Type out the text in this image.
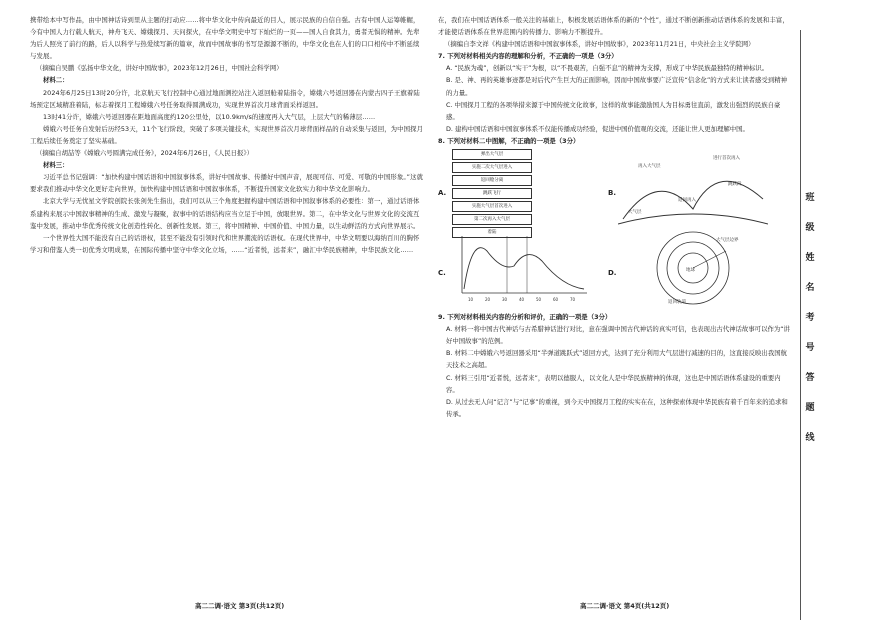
携带绘本中写作品，由中国神话诗到里从主题的打动应……将中华文化中传向最近的目人，展示民族的自信自强。古有中国人运筹帷幄，今有中国人力行载人航天，神舟飞天、嫦娥探月、天问探火，在中华文明史中写下灿烂的一页——国人自食其力，勇者无惧的精神。先辈为后人照亮了前行的路，后人以科学与热爱续写新的篇章，故而中国故事的书写是源源不断的，中华文化也在人们的口口相传中不断延续与发展。

（摘编自吴鹏《弘扬中华文化，讲好中国故事》，2023年12月26日，中国社会科学网）

材料二：

2024年6月25日13时20分许，北京航天飞行控制中心通过地面测控站注入返回舱着陆指令，嫦娥六号返回器在内蒙古四子王旗着陆场预定区域精准着陆，标志着探月工程嫦娥六号任务取得圆满成功，实现世界首次月球背面采样返回。

13时41分许，嫦娥六号返回器在距地面高度约120公里处，以10.9km/s的速度再入大气层，上层大气的稀薄层……

嫦娥六号任务自发射后历经53天，11个飞行阶段，突破了多项关键技术，实现世界首次月球背面样品的自动采集与返回，为中国探月工程后续任务奠定了坚实基础。

（摘编自胡喆等《嫦娥六号圆满完成任务》，2024年6月26日，《人民日报》）

材料三：

习近平总书记强调：“加快构建中国话语和中国叙事体系，讲好中国故事、传播好中国声音，展现可信、可爱、可敬的中国形象。”这就要求我们推动中华文化更好走向世界，加快构建中国话语和中国叙事体系，不断提升国家文化软实力和中华文化影响力。

北京大学与无忧星文学院创院长张剑先生指出，我们可以从三个角度把握构建中国话语和中国叙事体系的必要性：第一，通过话语体系建构来展示中国叙事精神的生成、激发与凝聚，叙事中的话语结构应当立足于中国，放眼世界。第二，在中华文化与世界文化的交流互鉴中发展，推动中华优秀传统文化创造性转化、创新性发展。第三，将中国精神、中国价值、中国力量，以生动鲜活的方式向世界展示。

一个世界性大国不能没有自己的话语权，甚至不能没有引领时代和世界潮流的话语权。在现代世界中，中华文明要以海纳百川的胸怀学习和借鉴人类一切优秀文明成果，在国际传播中坚守中华文化立场，……“近者悦，远者来”，融汇中华民族精神，中华民族文化……

高二二调·语文 第3页(共12页)

在，我们在中国话语体系一般关注的基础上，积极发展话语体系的新的“个性”，通过不断创新推动话语体系的发展和丰富，才能使话语体系在世界范围内的传播力、影响力不断提升。

（摘编自李文祥《构建中国话语和中国叙事体系，讲好中国故事》，2023年11月21日，中央社会主义学院网）

7. 下列对材料相关内容的理解和分析，不正确的一项是（3分）

A. “民族为魂”，创新以“实干”为根，以“不畏艰苦，自强不息”的精神为支撑，形成了中华民族最独特的精神标识。

B. 是、神、再的英雄事迹都是对后代产生巨大的正面影响，因而中国故事要广泛宣传“信念化”的方式来让读者感受到精神的力量。

C. 中国探月工程的各项举措来源于中国传统文化故事，这样的故事能激励国人为目标勇往直前，激发出强烈的民族自豪感。

D. 建构中国话语和中国叙事体系不仅能传播成功经验，促进中国价值观的交流，还能让世人更加理解中国。

8. 下列对材料二中图解，不正确的一项是（3分）

A.
弹出大气层
实施二次大气层进入
返回舱分离
跳跃飞行
实施大气层首次进入
第二次再入大气层
着陆
B.
再入大气层
进行首次再入
返回再入
大气层
跳跃段
C.
10	20	30	40	50	60	70
D.	地球
大气层边界
返回轨道

9. 下列对材料相关内容的分析和评价，正确的一项是（3分）

A. 材料一将中国古代神话与古希腊神话进行对比，意在强调中国古代神话的真实可信，也表现出古代神话故事可以作为“讲好中国故事”的范例。

B. 材料二中嫦娥六号返回器采用“半弹道跳跃式”返回方式，达到了充分利用大气层进行减速的目的，这直接反映出我国航天技术之高超。

C. 材料三引用“近者悦，远者来”，表明以德服人，以文化人是中华民族精神的体现，这也是中国话语体系建设的重要内容。

D. 从过去无人问“记言”与“记事”的重视，到今天中国探月工程的实实在在，这种探索体现中华民族有着千百年来的追求和传承。

高二二调·语文 第4页(共12页)
班
级
姓
名
考
号
答
题
线
